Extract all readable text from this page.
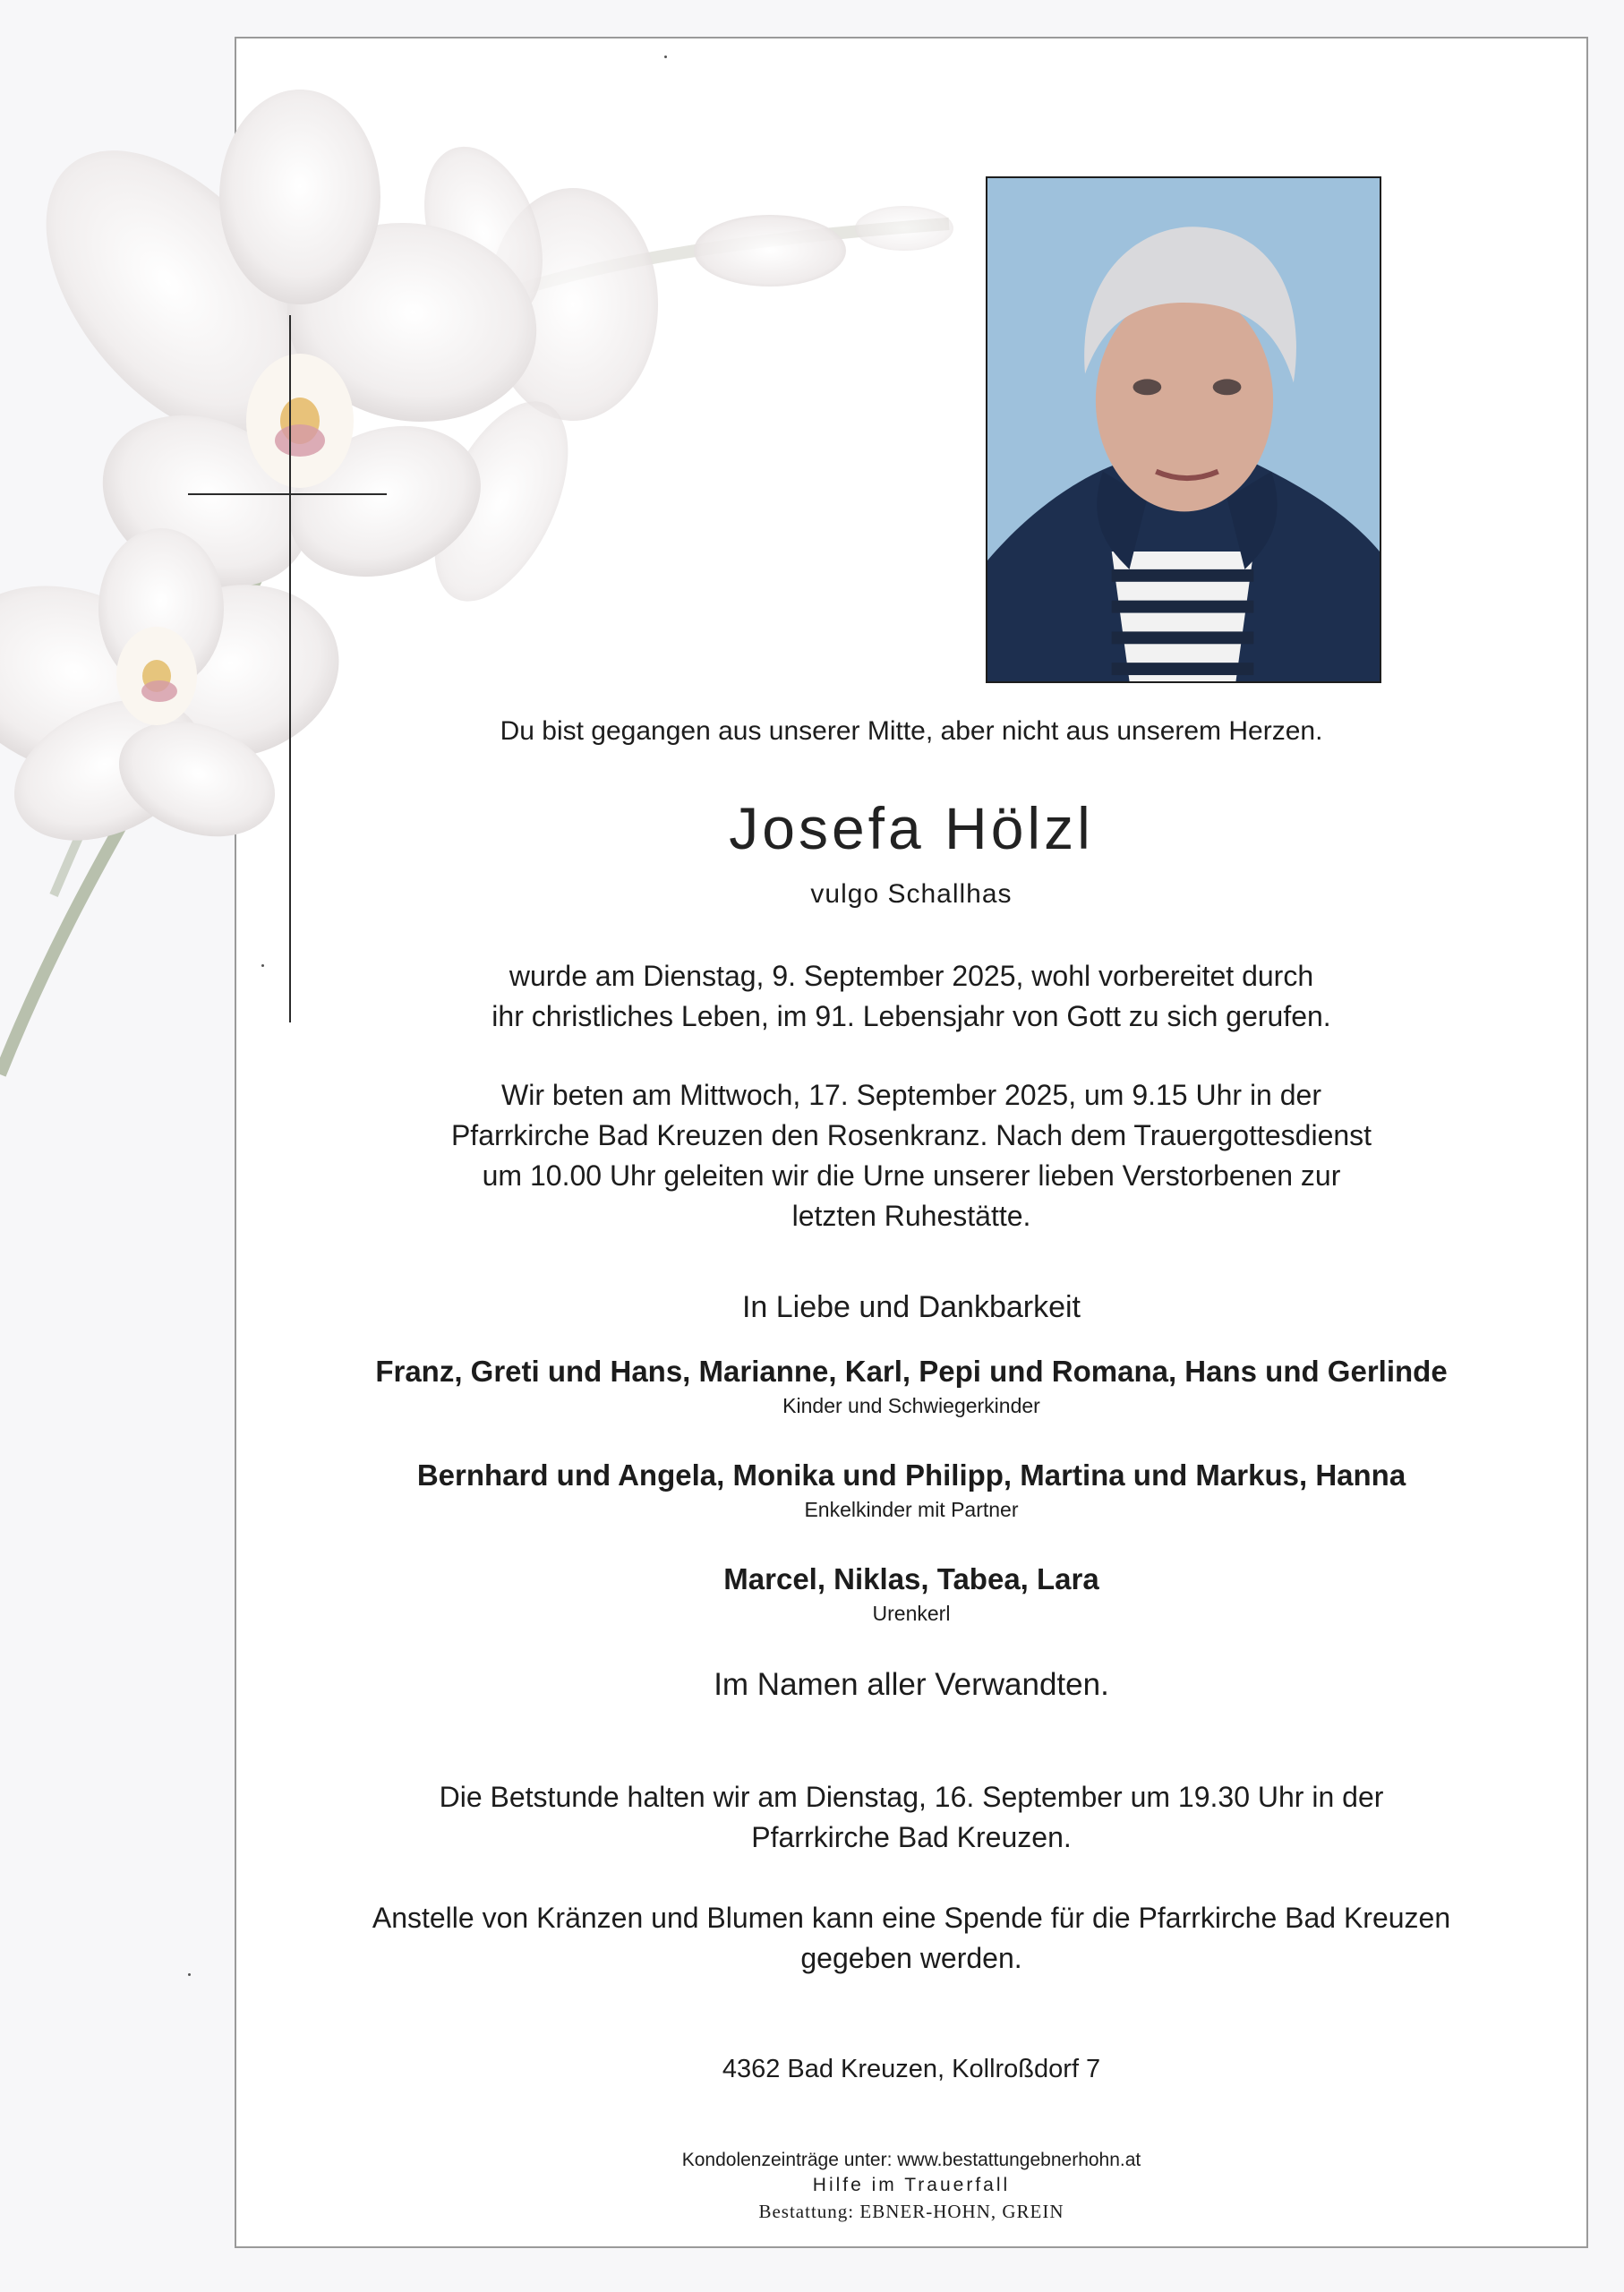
Du bist gegangen aus unserer Mitte, aber nicht aus unserem Herzen.
Josefa Hölzl
vulgo Schallhas
wurde am Dienstag, 9. September 2025, wohl vorbereitet durch
ihr christliches Leben, im 91. Lebensjahr von Gott zu sich gerufen.
Wir beten am Mittwoch, 17. September 2025, um 9.15 Uhr in der
Pfarrkirche Bad Kreuzen den Rosenkranz. Nach dem Trauergottesdienst
um 10.00 Uhr geleiten wir die Urne unserer lieben Verstorbenen zur
letzten Ruhestätte.
In Liebe und Dankbarkeit
Franz, Greti und Hans, Marianne, Karl, Pepi und Romana, Hans und Gerlinde
Kinder und Schwiegerkinder
Bernhard und Angela, Monika und Philipp, Martina und Markus, Hanna
Enkelkinder mit Partner
Marcel, Niklas, Tabea, Lara
Urenkerl
Im Namen aller Verwandten.
Die Betstunde halten wir am Dienstag, 16. September um 19.30 Uhr in der
Pfarrkirche Bad Kreuzen.
Anstelle von Kränzen und Blumen kann eine Spende für die Pfarrkirche Bad Kreuzen
gegeben werden.
4362 Bad Kreuzen, Kollroßdorf 7
Kondolenzeinträge unter: www.bestattungebnerhohn.at
Hilfe im Trauerfall
Bestattung: EBNER-HOHN, GREIN
